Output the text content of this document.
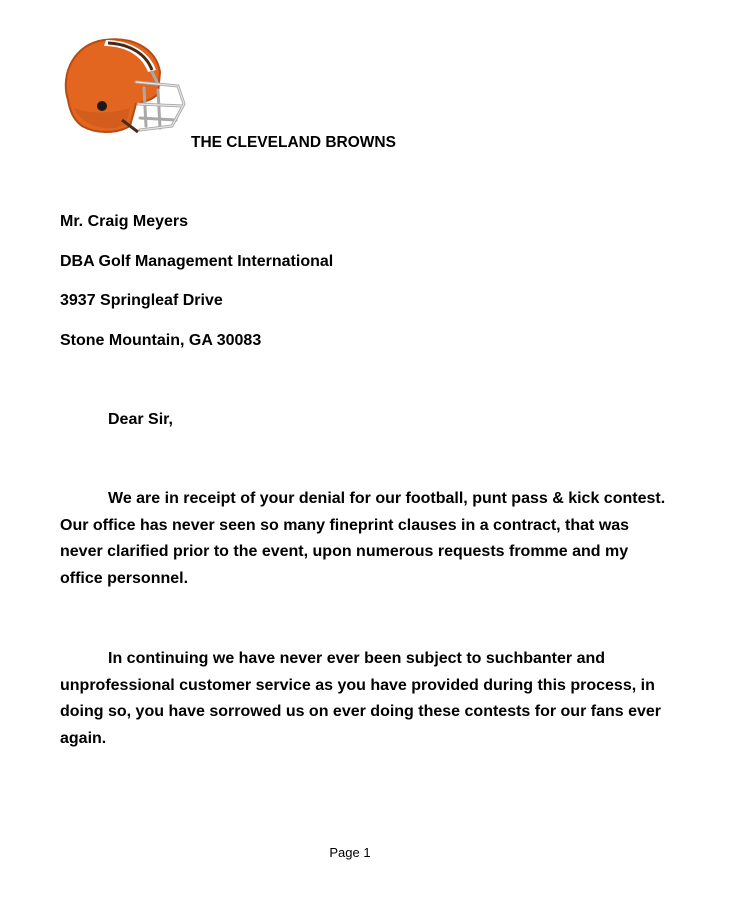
THE CLEVELAND BROWNS
Mr. Craig Meyers
DBA Golf Management International
3937 Springleaf Drive
Stone Mountain, GA 30083
Dear Sir,
We are in receipt of your denial for our football, punt pass & kick contest.
Our office has never seen so many fineprint clauses in a contract, that was
never clarified prior to the event, upon numerous requests fromme and my
office personnel.
In continuing we have never ever been subject to suchbanter and
unprofessional customer service as you have provided during this process, in
doing so, you have sorrowed us on ever doing these contests for our fans ever
again.
Page 1
